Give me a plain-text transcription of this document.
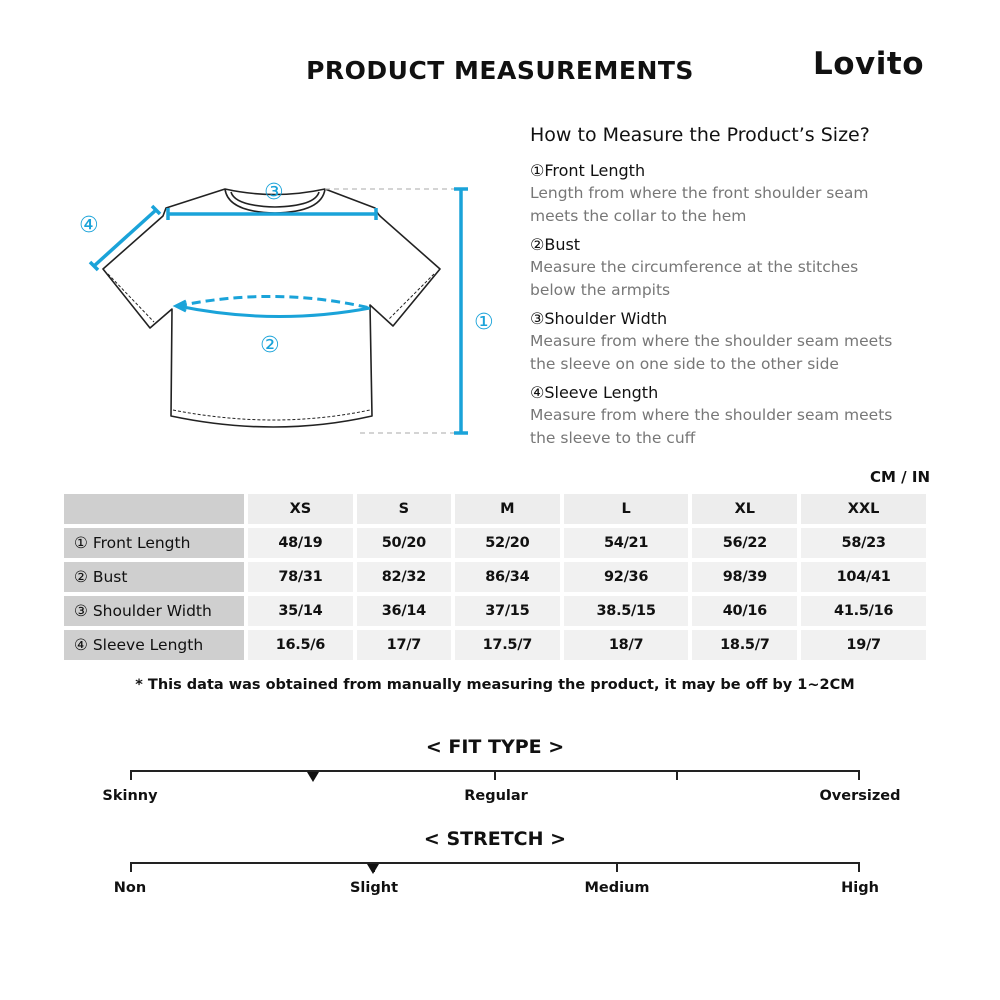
PRODUCT MEASUREMENTS	Lovito
③
②
①
④
How to Measure the Product’s Size?
①Front Length
Length from where the front shoulder seam meets the collar to the hem
②Bust
Measure the circumference at the stitches below the armpits
③Shoulder Width
Measure from where the shoulder seam meets the sleeve on one side to the other side
④Sleeve Length
Measure from where the shoulder seam meets the sleeve to the cuff
CM / IN
	XS	S	M	L	XL	XXL
① Front Length	48/19	50/20	52/20	54/21	56/22	58/23
② Bust	78/31	82/32	86/34	92/36	98/39	104/41
③ Shoulder Width	35/14	36/14	37/15	38.5/15	40/16	41.5/16
④ Sleeve Length	16.5/6	17/7	17.5/7	18/7	18.5/7	19/7
* This data was obtained from manually measuring the product, it may be off by 1~2CM
< FIT TYPE >
Skinny	Regular	Oversized
< STRETCH >
Non	Slight	Medium	High
